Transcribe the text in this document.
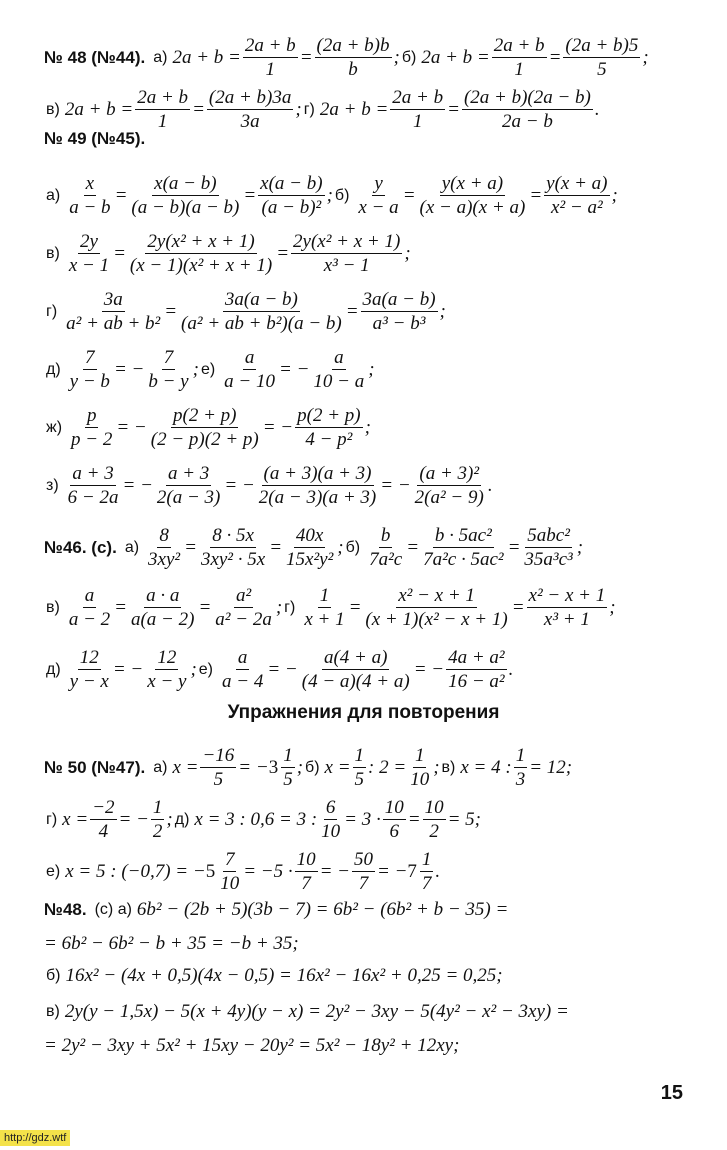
№ 48 (№44). а) $2a + b = \frac{2a + b}{1} = \frac{(2a + b)b}{b}$ ; б) $2a + b = \frac{2a + b}{1} = \frac{(2a + b)5}{5}$ ;
в) $2a + b = \frac{2a + b}{1} = \frac{(2a + b)3a}{3a}$ ; г) $2a + b = \frac{2a + b}{1} = \frac{(2a + b)(2a - b)}{2a - b}$ .
№ 49 (№45).
$а) \frac{x}{a - b} = \frac{x(a - b)}{(a - b)(a - b)} = \frac{x(a - b)}{\text{(a − b)²}}$ ; $б) \frac{y}{x - a} = \frac{y(x + a)}{(x - a)(x + a)} = \frac{y(x + a)}{\text{x² − a²}}$ ;
$в) \frac{2y}{x - 1} = \frac{\text{2y(x² + x + 1)}}{\text{(x − 1)(x² + x + 1)}} = \frac{\text{2y(x² + x + 1)}}{\text{x³ − 1}}$ ;
$г) \frac{3a}{\text{a² + ab + b²}} = \frac{3a(a - b)}{\text{(a² + ab + b²)(a − b)}} = \frac{3a(a - b)}{\text{a³ − b³}}$ ;
$д) \frac{7}{y - b}$ = − $\frac{7}{b - y}$ ; $е) \frac{a}{a - 10}$ = − $\frac{a}{10 - a}$ ;
$ж) \frac{p}{p - 2}$ = − $\frac{p(2 + p)}{(2 - p)(2 + p)}$ = − $\frac{p(2 + p)}{\text{4 − p²}}$ ;
$з) \frac{a + 3}{6 - 2a}$ = − $\frac{a + 3}{2(a - 3)}$ = − $\frac{(a + 3)(a + 3)}{2(a - 3)(a + 3)}$ = − $\frac{\text{(a + 3)²}}{\text{2(a² − 9)}}$ .
№46. (с). $а) \frac{8}{\text{3xy²}} = \frac{8 \cdot 5x}{\text{3xy² · 5x}} = \frac{40x}{\text{15x²y²}}$ ; $б) \frac{b}{\text{7a²c}} = \frac{\text{b · 5ac²}}{\text{7a²c · 5ac²}} = \frac{\text{5abc²}}{\text{35a³c³}}$ ;
$в) \frac{a}{a - 2} = \frac{a \cdot a}{a(a - 2)} = \frac{\text{a²}}{\text{a² − 2a}}$ ; $г) \frac{1}{x + 1} = \frac{\text{x² − x + 1}}{\text{(x + 1)(x² − x + 1)}} = \frac{\text{x² − x + 1}}{\text{x³ + 1}}$ ;
$д) \frac{12}{y - x}$ = − $\frac{12}{x - y}$ ; $е) \frac{a}{a - 4}$ = − $\frac{a(4 + a)}{(4 - a)(4 + a)}$ = − $\frac{\text{4a + a²}}{\text{16 − a²}}$ .
№ 50 (№47). а) $x = \frac{-16}{5}$ = − $3 \frac{1}{5}$ ; б) $x = \frac{1}{5}$ : $2 = \frac{1}{10}$ ; в) x = 4 : $\frac{1}{3} = 12$;
г) $x = \frac{-2}{4}$ = − $\frac{1}{2}$ ; д) x = 3 : 0,6 = 3 : $\frac{6}{10} = 3 \cdot \frac{10}{6} = \frac{10}{2} = 5$;
е) x = 5 : (−0,7) = − $5 \frac{7}{10} = -5 \cdot \frac{10}{7}$ = − $\frac{50}{7}$ = − $7 \frac{1}{7}$ .
№48. (с) а) 6b² − (2b + 5)(3b − 7) = 6b² − (6b² + b − 35) =
= 6b² − 6b² − b + 35 = −b + 35;
б) 16x² − (4x + 0,5)(4x − 0,5) = 16x² − 16x² + 0,25 = 0,25;
в) 2y(y − 1,5x) − 5(x + 4y)(y − x) = 2y² − 3xy − 5(4y² − x² − 3xy) =
= 2y² − 3xy + 5x² + 15xy − 20y² = 5x² − 18y² + 12xy;
Упражнения для повторения
15
http://gdz.wtf
